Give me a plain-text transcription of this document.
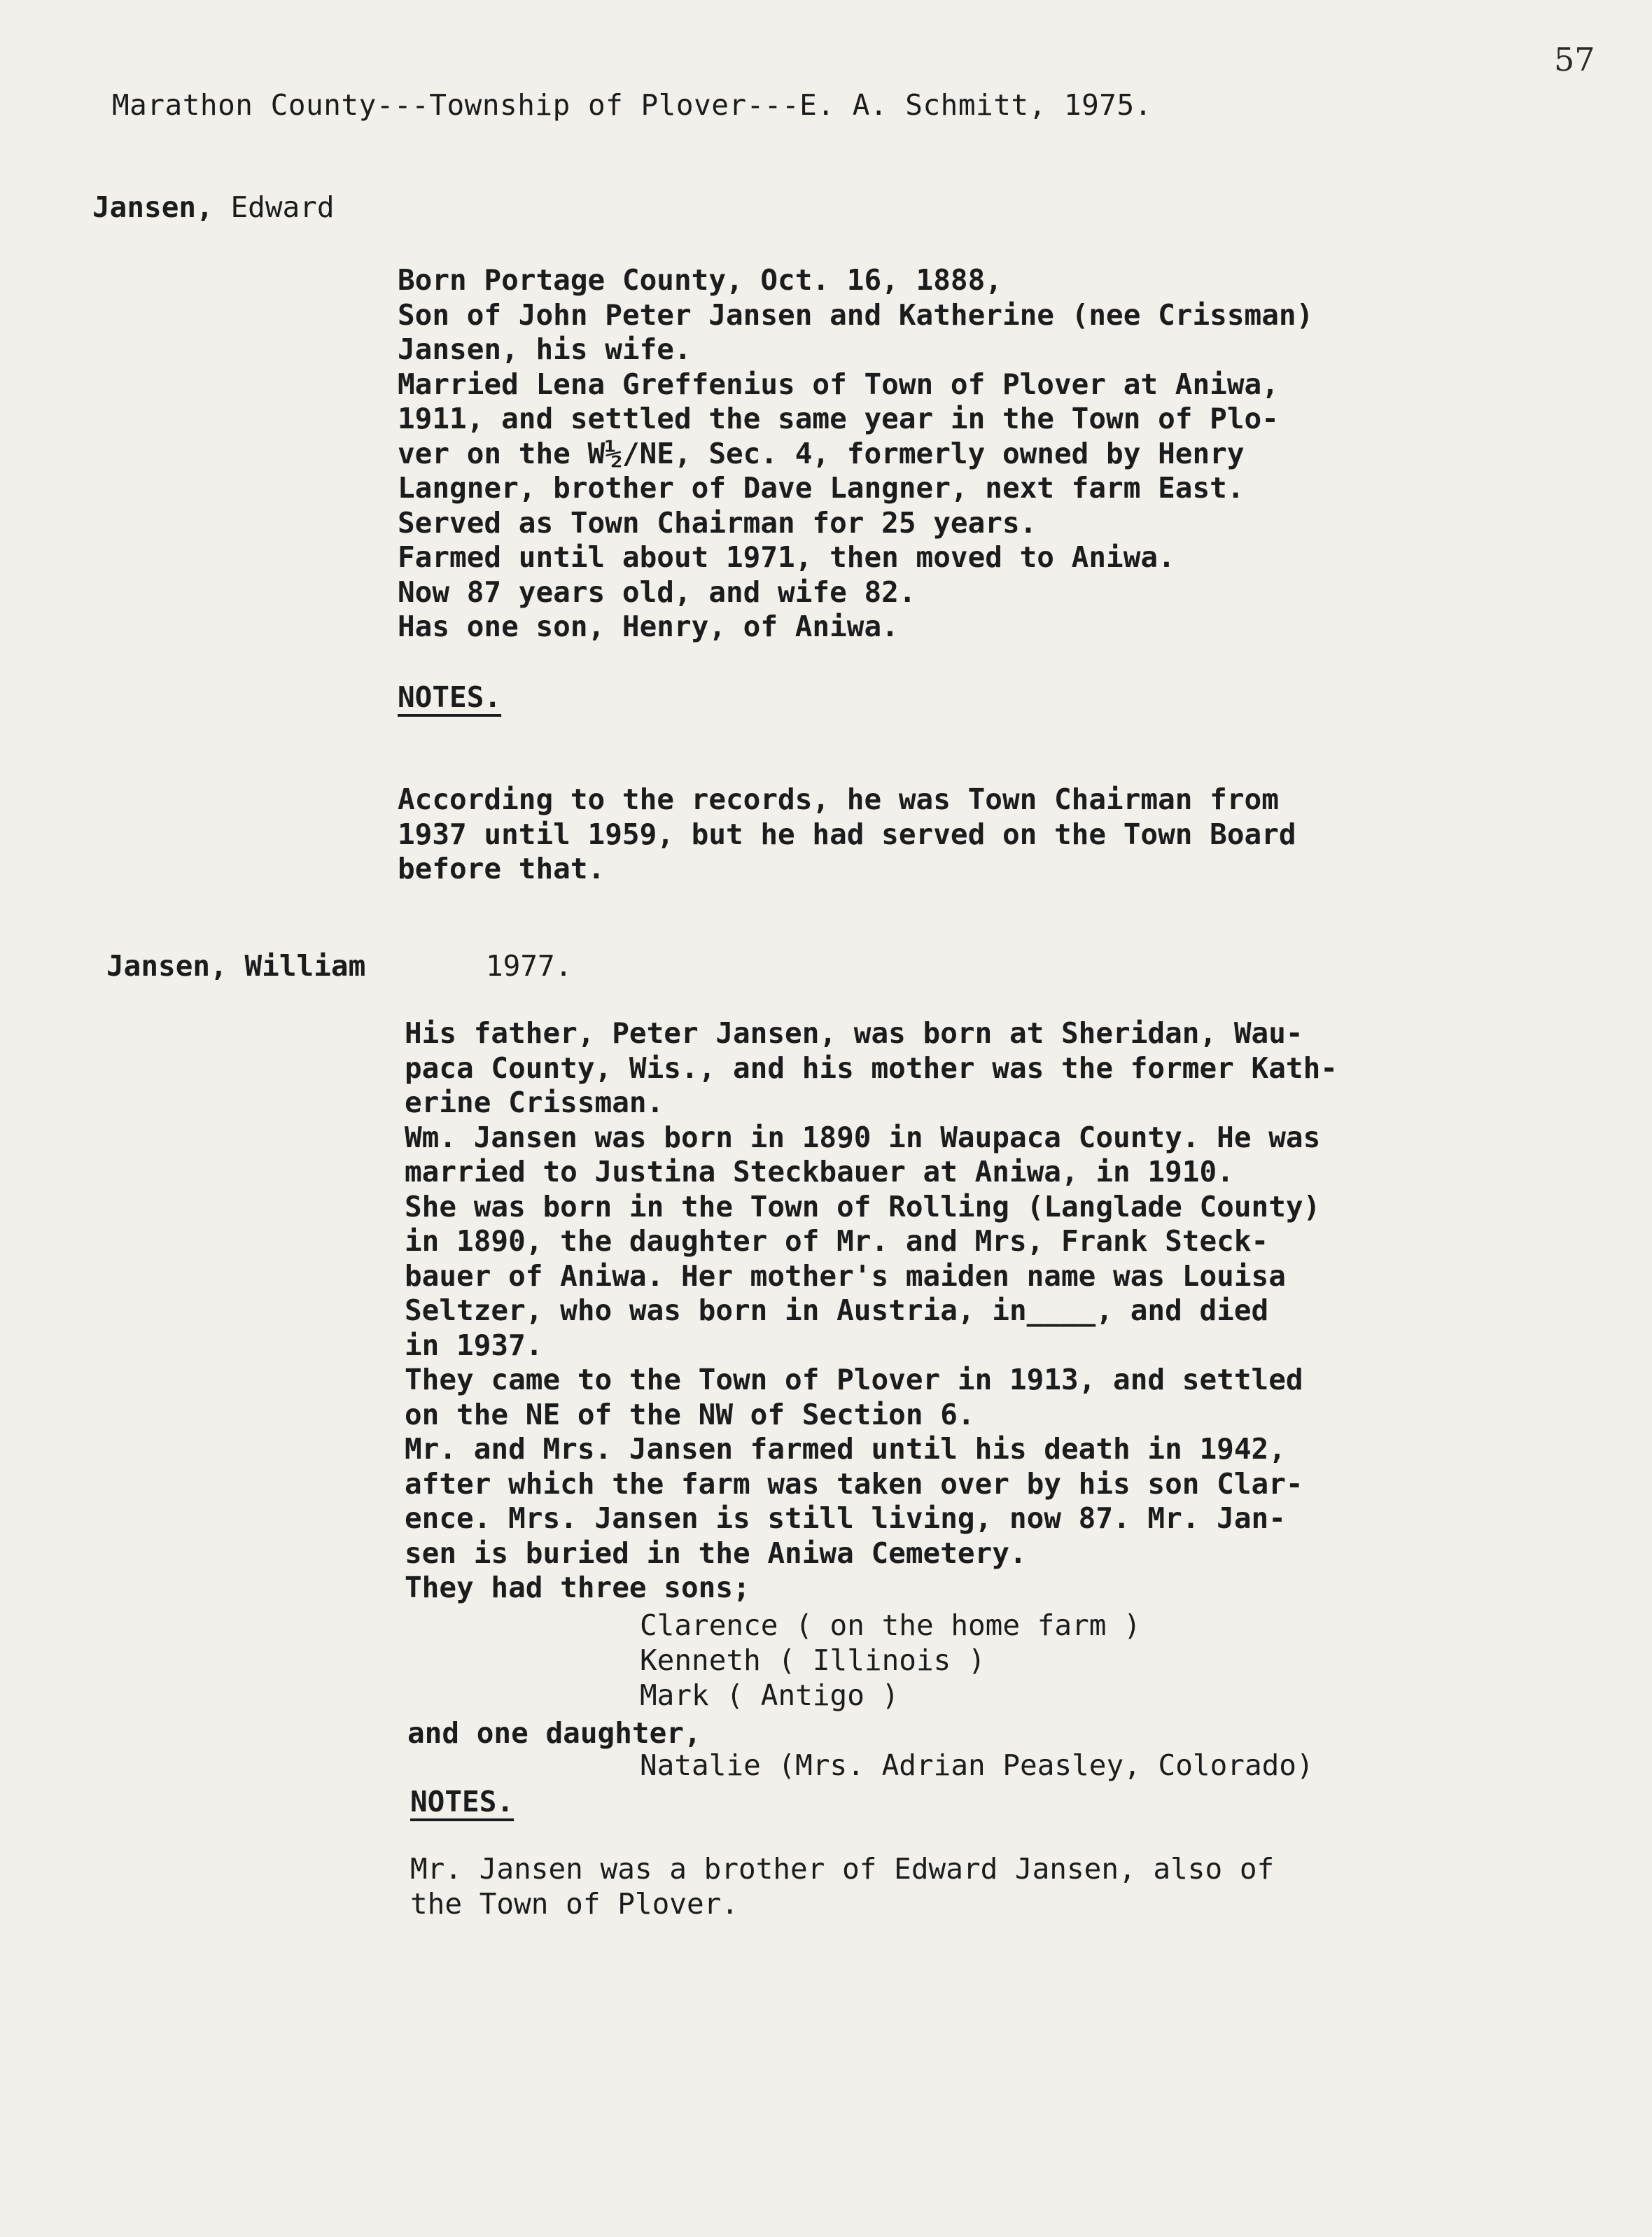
57
Marathon County---Township of Plover---E. A. Schmitt, 1975.
Jansen, Edward
Born Portage County, Oct. 16, 1888,
Son of John Peter Jansen and Katherine (nee Crissman)
Jansen, his wife.
Married Lena Greffenius of Town of Plover at Aniwa,
1911, and settled the same year in the Town of Plo-
ver on the W½/NE, Sec. 4, formerly owned by Henry
Langner, brother of Dave Langner, next farm East.
Served as Town Chairman for 25 years.
Farmed until about 1971, then moved to Aniwa.
Now 87 years old, and wife 82.
Has one son, Henry, of Aniwa.
NOTES.
According to the records, he was Town Chairman from
1937 until 1959, but he had served on the Town Board
before that.
Jansen, William	1977.
His father, Peter Jansen, was born at Sheridan, Wau-
paca County, Wis., and his mother was the former Kath-
erine Crissman.
Wm. Jansen was born in 1890 in Waupaca County. He was
married to Justina Steckbauer at Aniwa, in 1910.
She was born in the Town of Rolling (Langlade County)
in 1890, the daughter of Mr. and Mrs, Frank Steck-
bauer of Aniwa. Her mother's maiden name was Louisa
Seltzer, who was born in Austria, in____, and died
in 1937.
They came to the Town of Plover in 1913, and settled
on the NE of the NW of Section 6.
Mr. and Mrs. Jansen farmed until his death in 1942,
after which the farm was taken over by his son Clar-
ence. Mrs. Jansen is still living, now 87. Mr. Jan-
sen is buried in the Aniwa Cemetery.
They had three sons;
Clarence ( on the home farm )
Kenneth ( Illinois )
Mark ( Antigo )
and one daughter,
Natalie (Mrs. Adrian Peasley, Colorado)
NOTES.
Mr. Jansen was a brother of Edward Jansen, also of
the Town of Plover.
